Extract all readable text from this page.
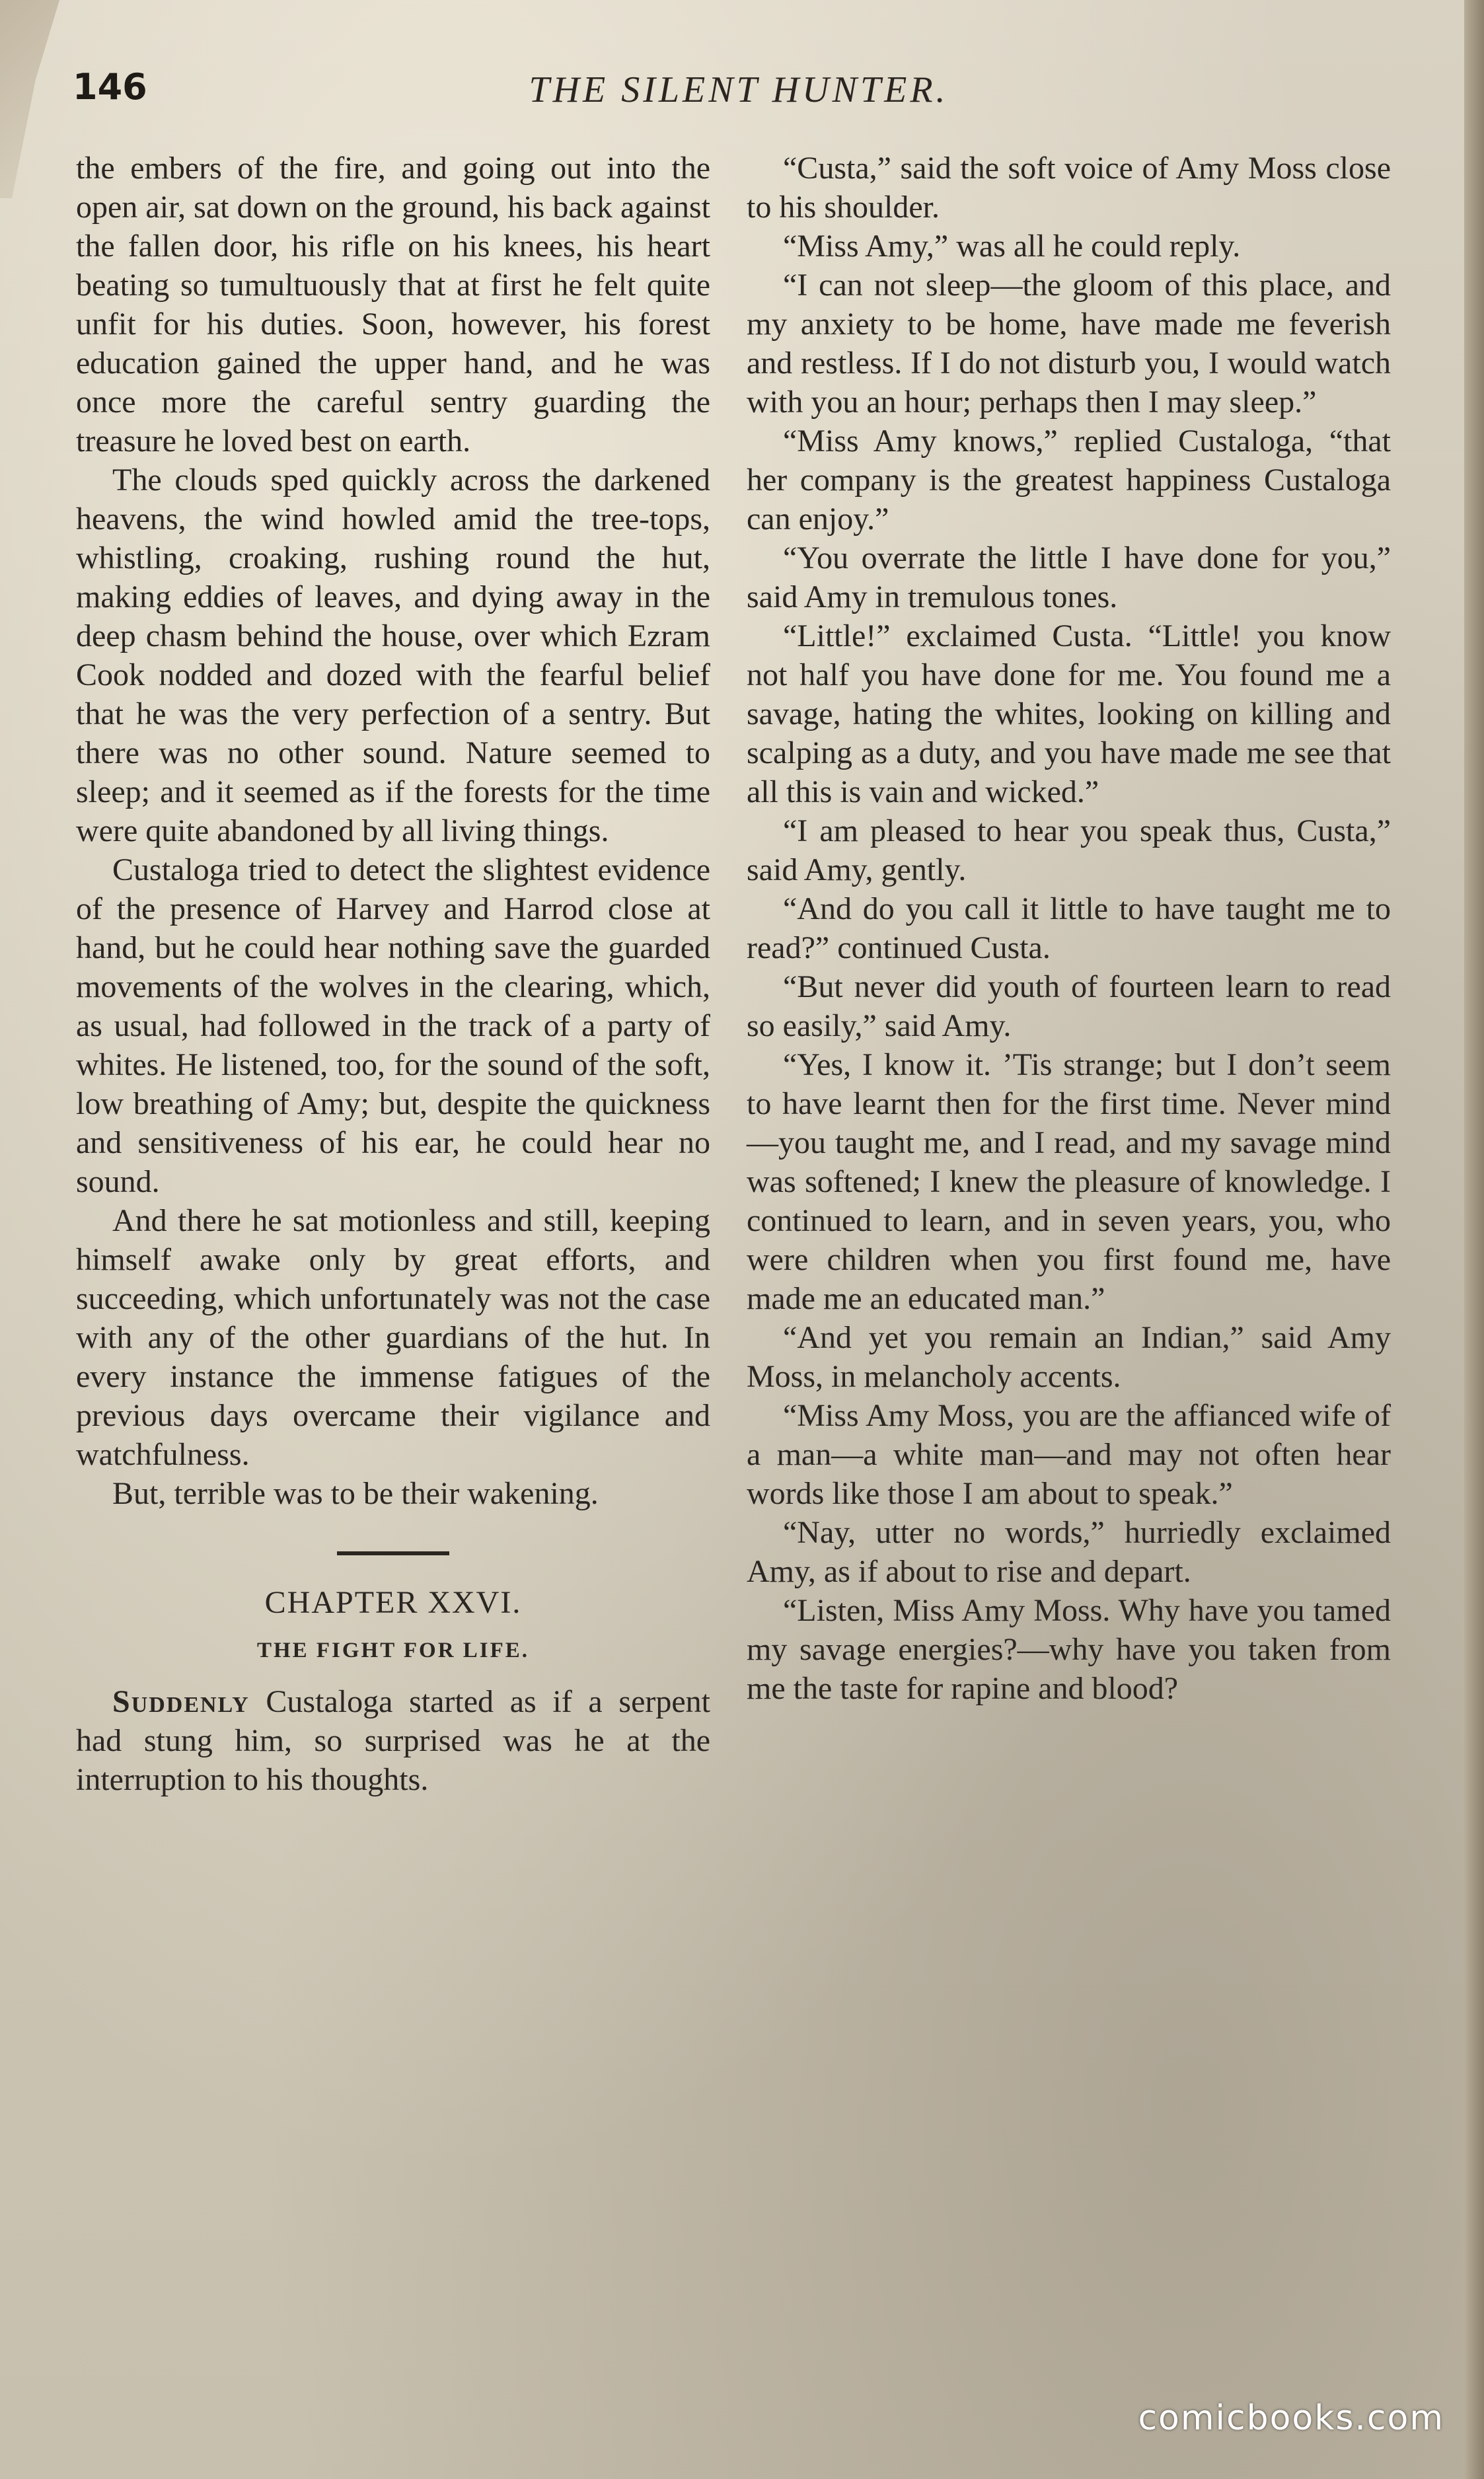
146	THE SILENT HUNTER.

the embers of the fire, and going out into the open air, sat down on the ground, his back against the fallen door, his rifle on his knees, his heart beating so tumultuously that at first he felt quite unfit for his duties. Soon, however, his forest education gained the upper hand, and he was once more the careful sentry guarding the treasure he loved best on earth.

The clouds sped quickly across the darkened heavens, the wind howled amid the tree-tops, whistling, croaking, rushing round the hut, making eddies of leaves, and dying away in the deep chasm behind the house, over which Ezram Cook nodded and dozed with the fearful belief that he was the very perfection of a sentry. But there was no other sound. Nature seemed to sleep; and it seemed as if the forests for the time were quite abandoned by all living things.

Custaloga tried to detect the slightest evidence of the presence of Harvey and Harrod close at hand, but he could hear nothing save the guarded movements of the wolves in the clearing, which, as usual, had followed in the track of a party of whites. He listened, too, for the sound of the soft, low breathing of Amy; but, despite the quickness and sensitiveness of his ear, he could hear no sound.

And there he sat motionless and still, keeping himself awake only by great efforts, and succeeding, which unfortunately was not the case with any of the other guardians of the hut. In every instance the immense fatigues of the previous days overcame their vigilance and watchfulness.

But, terrible was to be their wakening.

CHAPTER XXVI.
THE FIGHT FOR LIFE.

Suddenly Custaloga started as if a serpent had stung him, so surprised was he at the interruption to his thoughts.

“Custa,” said the soft voice of Amy Moss close to his shoulder.

“Miss Amy,” was all he could reply.

“I can not sleep—the gloom of this place, and my anxiety to be home, have made me feverish and restless. If I do not disturb you, I would watch with you an hour; perhaps then I may sleep.”

“Miss Amy knows,” replied Custaloga, “that her company is the greatest happiness Custaloga can enjoy.”

“You overrate the little I have done for you,” said Amy in tremulous tones.

“Little!” exclaimed Custa. “Little! you know not half you have done for me. You found me a savage, hating the whites, looking on killing and scalping as a duty, and you have made me see that all this is vain and wicked.”

“I am pleased to hear you speak thus, Custa,” said Amy, gently.

“And do you call it little to have taught me to read?” continued Custa.

“But never did youth of fourteen learn to read so easily,” said Amy.

“Yes, I know it. ’Tis strange; but I don’t seem to have learnt then for the first time. Never mind—you taught me, and I read, and my savage mind was softened; I knew the pleasure of knowledge. I continued to learn, and in seven years, you, who were children when you first found me, have made me an educated man.”

“And yet you remain an Indian,” said Amy Moss, in melancholy accents.

“Miss Amy Moss, you are the affianced wife of a man—a white man—and may not often hear words like those I am about to speak.”

“Nay, utter no words,” hurriedly exclaimed Amy, as if about to rise and depart.

“Listen, Miss Amy Moss. Why have you tamed my savage energies?—why have you taken from me the taste for rapine and blood?

comicbooks.com
